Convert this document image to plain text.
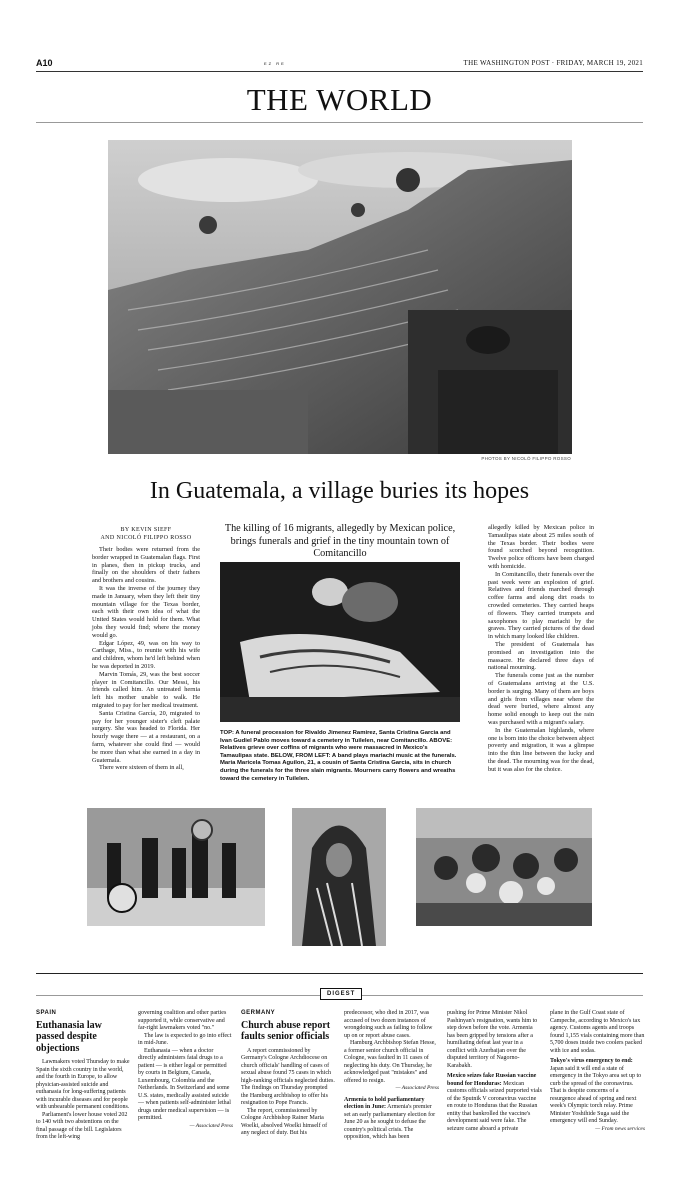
A10	EZ RE	THE WASHINGTON POST · FRIDAY, MARCH 19, 2021
THE WORLD
PHOTOS BY NICOLÓ FILIPPO ROSSO
In Guatemala, a village buries its hopes
BY KEVIN SIEFF
AND NICOLÓ FILIPPO ROSSO

Their bodies were returned from the border wrapped in Guatemalan flags. First in planes, then in pickup trucks, and finally on the shoulders of their fathers and brothers and cousins.

It was the inverse of the journey they made in January, when they left their tiny mountain village for the Texas border, each with their own idea of what the United States would hold for them. What jobs they would find; where the money would go.

Edgar López, 49, was on his way to Carthage, Miss., to reunite with his wife and children, whom he'd left behind when he was deported in 2019.

Marvin Tomás, 29, was the best soccer player in Comitancillo. Our Messi, his friends called him. An untreated hernia left his mother unable to walk. He migrated to pay for her medical treatment.

Santa Cristina García, 20, migrated to pay for her younger sister's cleft palate surgery. She was headed to Florida. Her hourly wage there — at a restaurant, on a farm, whatever she could find — would be more than what she earned in a day in Guatemala.

There were sixteen of them in all,

The killing of 16 migrants, allegedly by Mexican police, brings funerals and grief in the tiny mountain town of Comitancillo
TOP: A funeral procession for Rivaldo Jimenez Ramirez, Santa Cristina Garcia and Ivan Gudiel Pablo moves toward a cemetery in Tuilelen, near Comitancillo. ABOVE: Relatives grieve over coffins of migrants who were massacred in Mexico's Tamaulipas state. BELOW, FROM LEFT: A band plays mariachi music at the funerals. Maria Maricela Tomas Aguilon, 21, a cousin of Santa Cristina Garcia, sits in church during the funerals for the three slain migrants. Mourners carry flowers and wreaths toward the cemetery in Tuilelen.

allegedly killed by Mexican police in Tamaulipas state about 25 miles south of the Texas border. Their bodies were found scorched beyond recognition. Twelve police officers have been charged with homicide.

In Comitancillo, their funerals over the past week were an explosion of grief. Relatives and friends marched through coffee farms and along dirt roads to crowded cemeteries. They carried heaps of flowers. They carried trumpets and saxophones to play mariachi by the graves. They carried pictures of the dead in which many looked like children.

The president of Guatemala has promised an investigation into the massacre. He declared three days of national mourning.

The funerals come just as the number of Guatemalans arriving at the U.S. border is surging. Many of them are boys and girls from villages near where the dead were buried, where almost any home solid enough to keep out the rain was purchased with a migrant's salary.

In the Guatemalan highlands, where one is born into the choice between abject poverty and migration, it was a glimpse into the thin line between the lucky and the dead. The mourning was for the dead, but it was also for the choice.

DIGEST
SPAIN
Euthanasia law passed despite objections

Lawmakers voted Thursday to make Spain the sixth country in the world, and the fourth in Europe, to allow physician-assisted suicide and euthanasia for long-suffering patients with incurable diseases and for people with unbearable permanent conditions.

Parliament's lower house voted 202 to 140 with two abstentions on the final passage of the bill. Legislators from the left-wing

governing coalition and other parties supported it, while conservative and far-right lawmakers voted "no."

The law is expected to go into effect in mid-June.

Euthanasia — when a doctor directly administers fatal drugs to a patient — is either legal or permitted by courts in Belgium, Canada, Luxembourg, Colombia and the Netherlands. In Switzerland and some U.S. states, medically assisted suicide — when patients self-administer lethal drugs under medical supervision — is permitted.

— Associated Press
GERMANY
Church abuse report faults senior officials

A report commissioned by Germany's Cologne Archdiocese on church officials' handling of cases of sexual abuse found 75 cases in which high-ranking officials neglected duties. The findings on Thursday prompted the Hamburg archbishop to offer his resignation to Pope Francis.

The report, commissioned by Cologne Archbishop Rainer Maria Woelki, absolved Woelki himself of any neglect of duty. But his

predecessor, who died in 2017, was accused of two dozen instances of wrongdoing such as failing to follow up on or report abuse cases.

Hamburg Archbishop Stefan Hesse, a former senior church official in Cologne, was faulted in 11 cases of neglecting his duty. On Thursday, he acknowledged past "mistakes" and offered to resign.

— Associated Press

Armenia to hold parliamentary election in June: Armenia's premier set an early parliamentary election for June 20 as he sought to defuse the country's political crisis. The opposition, which has been

pushing for Prime Minister Nikol Pashinyan's resignation, wants him to step down before the vote. Armenia has been gripped by tensions after a humiliating defeat last year in a conflict with Azerbaijan over the disputed territory of Nagorno-Karabakh.

Mexico seizes fake Russian vaccine bound for Honduras: Mexican customs officials seized purported vials of the Sputnik V coronavirus vaccine en route to Honduras that the Russian entity that bankrolled the vaccine's development said were fake. The seizure came aboard a private

plane in the Gulf Coast state of Campeche, according to Mexico's tax agency. Customs agents and troops found 1,155 vials containing more than 5,700 doses inside two coolers packed with ice and sodas.

Tokyo's virus emergency to end: Japan said it will end a state of emergency in the Tokyo area set up to curb the spread of the coronavirus. That is despite concerns of a resurgence ahead of spring and next week's Olympic torch relay. Prime Minister Yoshihide Suga said the emergency will end Sunday.

— From news services
